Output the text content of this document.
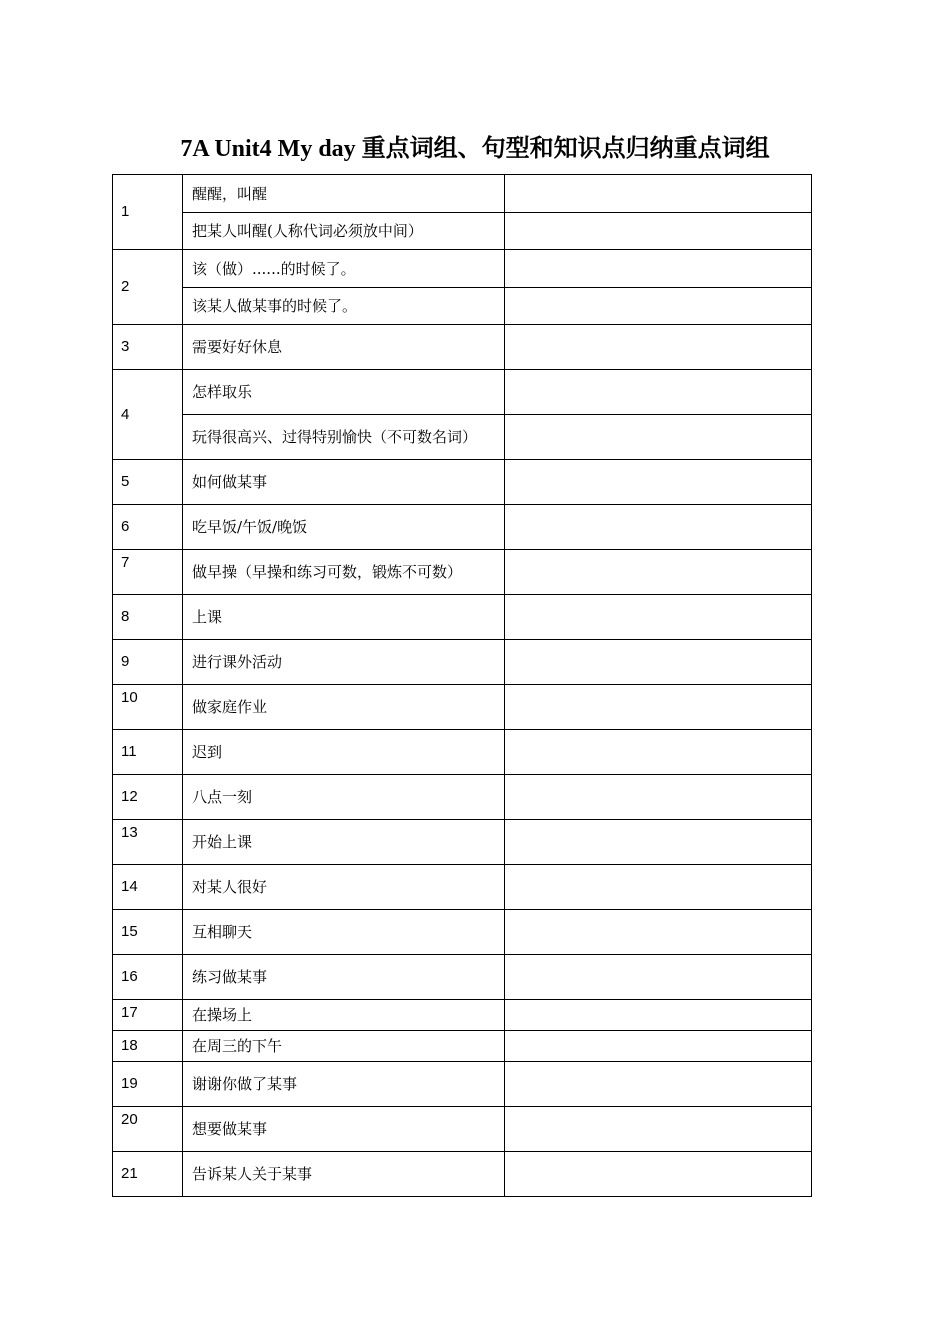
7A Unit4 My day 重点词组、句型和知识点归纳重点词组
1	醒醒，叫醒	
	把某人叫醒(人称代词必须放中间）	
2	该（做）......的时候了。	
	该某人做某事的时候了。	
3	需要好好休息	
4	怎样取乐	
	玩得很高兴、过得特别愉快（不可数名词）	
5	如何做某事	
6	吃早饭/午饭/晚饭	
7	做早操（早操和练习可数，锻炼不可数）	
8	上课	
9	进行课外活动	
10	做家庭作业	
11	迟到	
12	八点一刻	
13	开始上课	
14	对某人很好	
15	互相聊天	
16	练习做某事	
17	在操场上	
18	在周三的下午	
19	谢谢你做了某事	
20	想要做某事	
21	告诉某人关于某事	
